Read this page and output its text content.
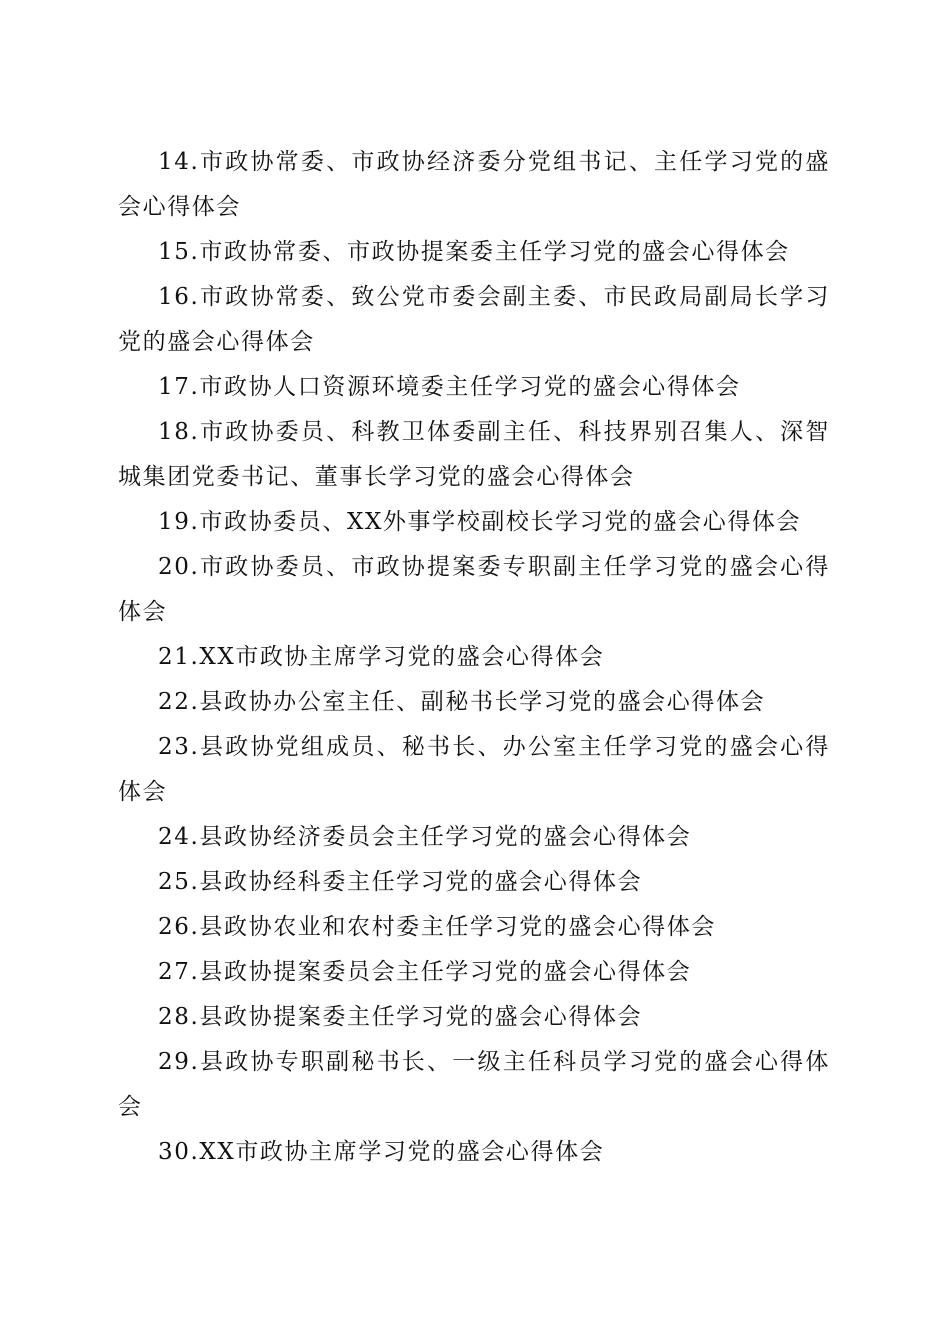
14.市政协常委、市政协经济委分党组书记、主任学习党的盛会心得体会

15.市政协常委、市政协提案委主任学习党的盛会心得体会

16.市政协常委、致公党市委会副主委、市民政局副局长学习党的盛会心得体会

17.市政协人口资源环境委主任学习党的盛会心得体会

18.市政协委员、科教卫体委副主任、科技界别召集人、深智城集团党委书记、董事长学习党的盛会心得体会

19.市政协委员、XX外事学校副校长学习党的盛会心得体会

20.市政协委员、市政协提案委专职副主任学习党的盛会心得体会

21.XX市政协主席学习党的盛会心得体会

22.县政协办公室主任、副秘书长学习党的盛会心得体会

23.县政协党组成员、秘书长、办公室主任学习党的盛会心得体会

24.县政协经济委员会主任学习党的盛会心得体会

25.县政协经科委主任学习党的盛会心得体会

26.县政协农业和农村委主任学习党的盛会心得体会

27.县政协提案委员会主任学习党的盛会心得体会

28.县政协提案委主任学习党的盛会心得体会

29.县政协专职副秘书长、一级主任科员学习党的盛会心得体会

30.XX市政协主席学习党的盛会心得体会
